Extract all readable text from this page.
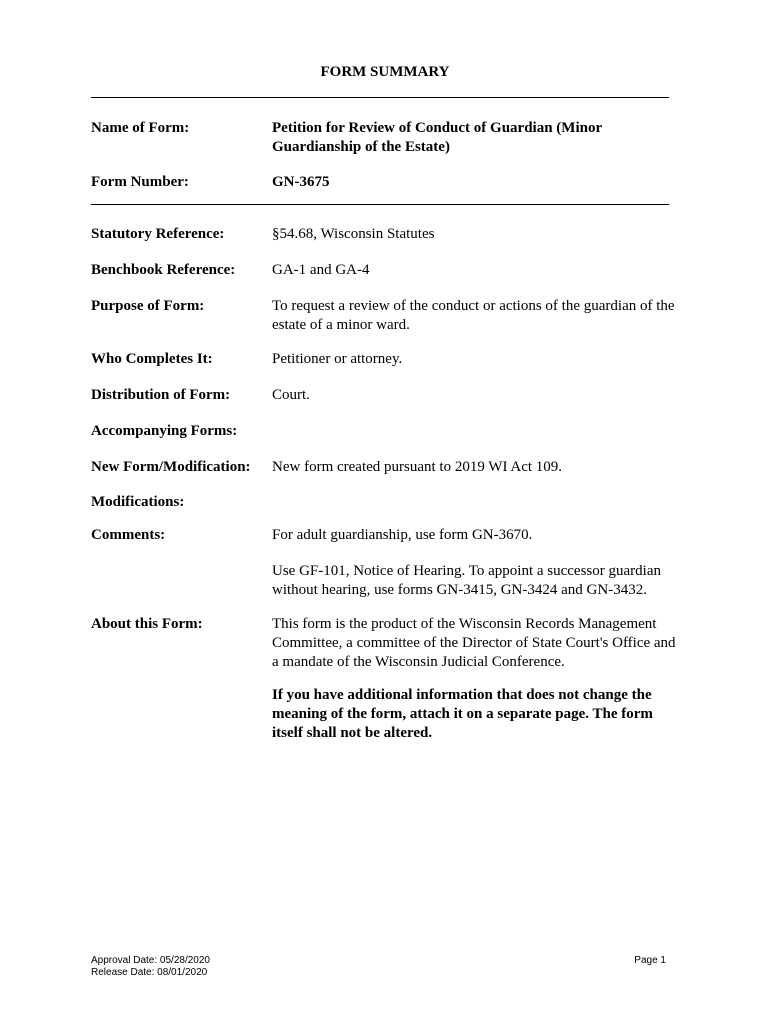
FORM SUMMARY
Name of Form:	Petition for Review of Conduct of Guardian (Minor Guardianship of the Estate)
Form Number:	GN-3675
Statutory Reference:	§54.68, Wisconsin Statutes
Benchbook Reference: GA-1 and GA-4
Purpose of Form:	To request a review of the conduct or actions of the guardian of the estate of a minor ward.
Who Completes It:	Petitioner or attorney.
Distribution of Form:	Court.
Accompanying Forms:
New Form/Modification: New form created pursuant to 2019 WI Act 109.
Modifications:
Comments:	For adult guardianship, use form GN-3670.
Use GF-101, Notice of Hearing. To appoint a successor guardian without hearing, use forms GN-3415, GN-3424 and GN-3432.
About this Form:	This form is the product of the Wisconsin Records Management Committee, a committee of the Director of State Court's Office and a mandate of the Wisconsin Judicial Conference.
If you have additional information that does not change the meaning of the form, attach it on a separate page. The form itself shall not be altered.
Approval Date: 05/28/2020
Release Date: 08/01/2020
Page 1
